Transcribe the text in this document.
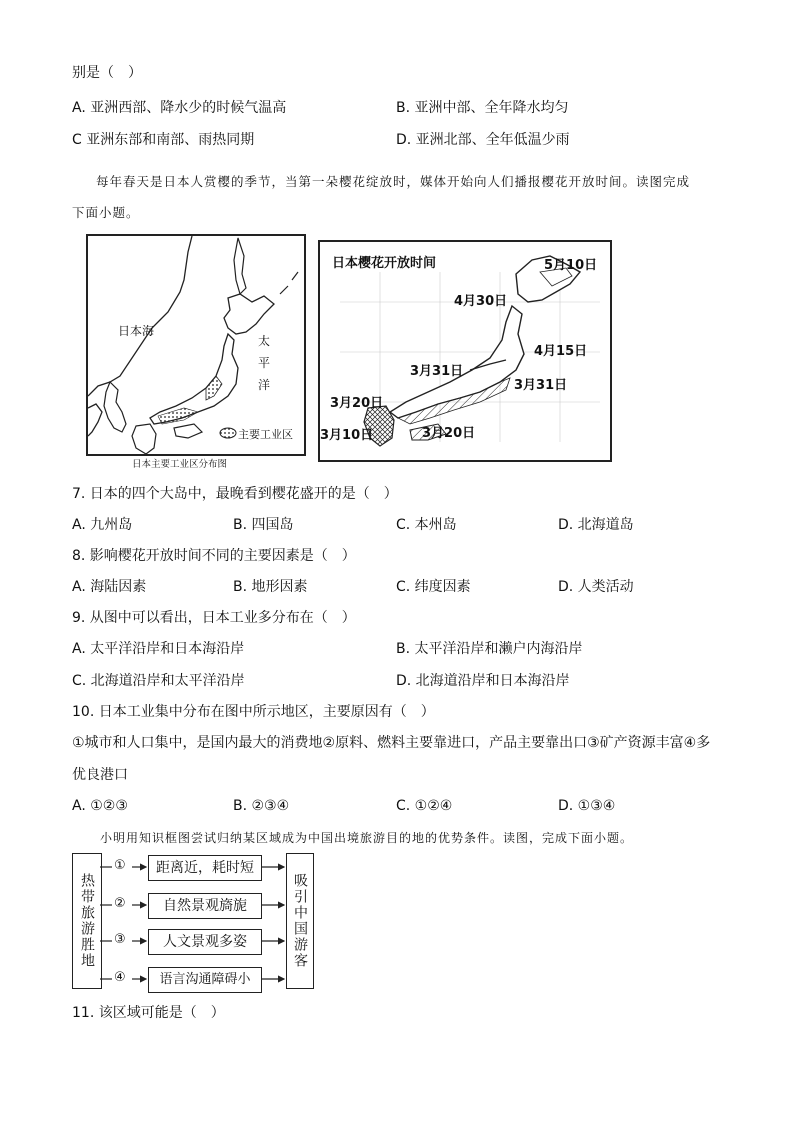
别是（　）
A. 亚洲西部、降水少的时候气温高	B. 亚洲中部、全年降水均匀
C 亚洲东部和南部、雨热同期	D. 亚洲北部、全年低温少雨
每年春天是日本人赏樱的季节，当第一朵樱花绽放时，媒体开始向人们播报樱花开放时间。读图完成
下面小题。
日本海
太
平
洋
主要工业区
日本主要工业区分布图
日本樱花开放时间	5月10日
4月30日
4月15日
3月31日
3月31日
3月20日
3月10日	3月20日
7. 日本的四个大岛中，最晚看到樱花盛开的是（　）
A. 九州岛	B. 四国岛	C. 本州岛	D. 北海道岛
8. 影响樱花开放时间不同的主要因素是（　）
A. 海陆因素	B. 地形因素	C. 纬度因素	D. 人类活动
9. 从图中可以看出，日本工业多分布在（　）
A. 太平洋沿岸和日本海沿岸	B. 太平洋沿岸和濑户内海沿岸
C. 北海道沿岸和太平洋沿岸	D. 北海道沿岸和日本海沿岸
10. 日本工业集中分布在图中所示地区，主要原因有（　）
①城市和人口集中，是国内最大的消费地②原料、燃料主要靠进口，产品主要靠出口③矿产资源丰富④多
优良港口
A. ①②③	B. ②③④	C. ①②④	D. ①③④
小明用知识框图尝试归纳某区域成为中国出境旅游目的地的优势条件。读图，完成下面小题。
热带旅游胜地
①
②
③
④
距离近，耗时短
自然景观旖旎
人文景观多姿
语言沟通障碍小
吸引中国游客
11. 该区域可能是（　）
